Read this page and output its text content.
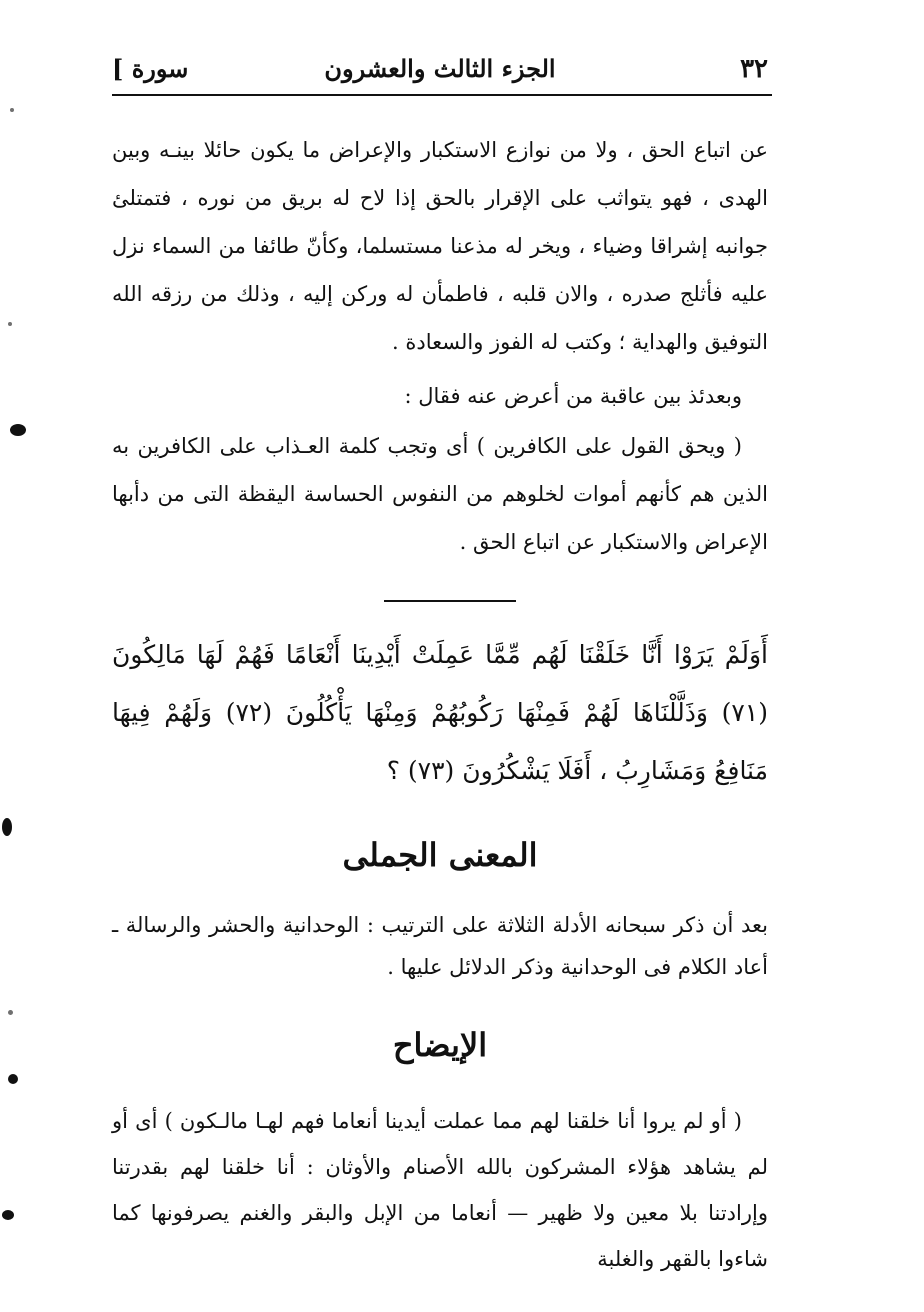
٣٢
الجزء الثالث والعشرون
سورة ]

عن اتباع الحق ، ولا من نوازع الاستكبار والإعراض ما يكون حائلا بينـه وبين الهدى ، فهو يتواثب على الإقرار بالحق إذا لاح له بريق من نوره ، فتمتلئ جوانبه إشراقا وضياء ، ويخر له مذعنا مستسلما، وكأنّ طائفا من السماء نزل عليه فأثلج صدره ، والان قلبه ، فاطمأن له وركن إليه ، وذلك من رزقه الله التوفيق والهداية ؛ وكتب له الفوز والسعادة .

وبعدئذ بين عاقبة من أعرض عنه فقال :

( ويحق القول على الكافرين ) أى وتجب كلمة العـذاب على الكافرين به الذين هم كأنهم أموات لخلوهم من النفوس الحساسة اليقظة التى من دأبها الإعراض والاستكبار عن اتباع الحق .

أَوَلَمْ يَرَوْا أَنَّا خَلَقْنَا لَهُم مِّمَّا عَمِلَتْ أَيْدِينَا أَنْعَامًا فَهُمْ لَهَا مَالِكُونَ (٧١) وَذَلَّلْنَاهَا لَهُمْ فَمِنْهَا رَكُوبُهُمْ وَمِنْهَا يَأْكُلُونَ (٧٢) وَلَهُمْ فِيهَا مَنَافِعُ وَمَشَارِبُ ، أَفَلَا يَشْكُرُونَ (٧٣) ؟

المعنى الجملى

بعد أن ذكر سبحانه الأدلة الثلاثة على الترتيب : الوحدانية والحشر والرسالة ـ أعاد الكلام فى الوحدانية وذكر الدلائل عليها .

الإيضاح

( أو لم يروا أنا خلقنا لهم مما عملت أيدينا أنعاما فهم لهـا مالـكون ) أى أو لم يشاهد هؤلاء المشركون بالله الأصنام والأوثان : أنا خلقنا لهم بقدرتنا وإرادتنا بلا معين ولا ظهير — أنعاما من الإبل والبقر والغنم يصرفونها كما شاءوا بالقهر والغلبة
